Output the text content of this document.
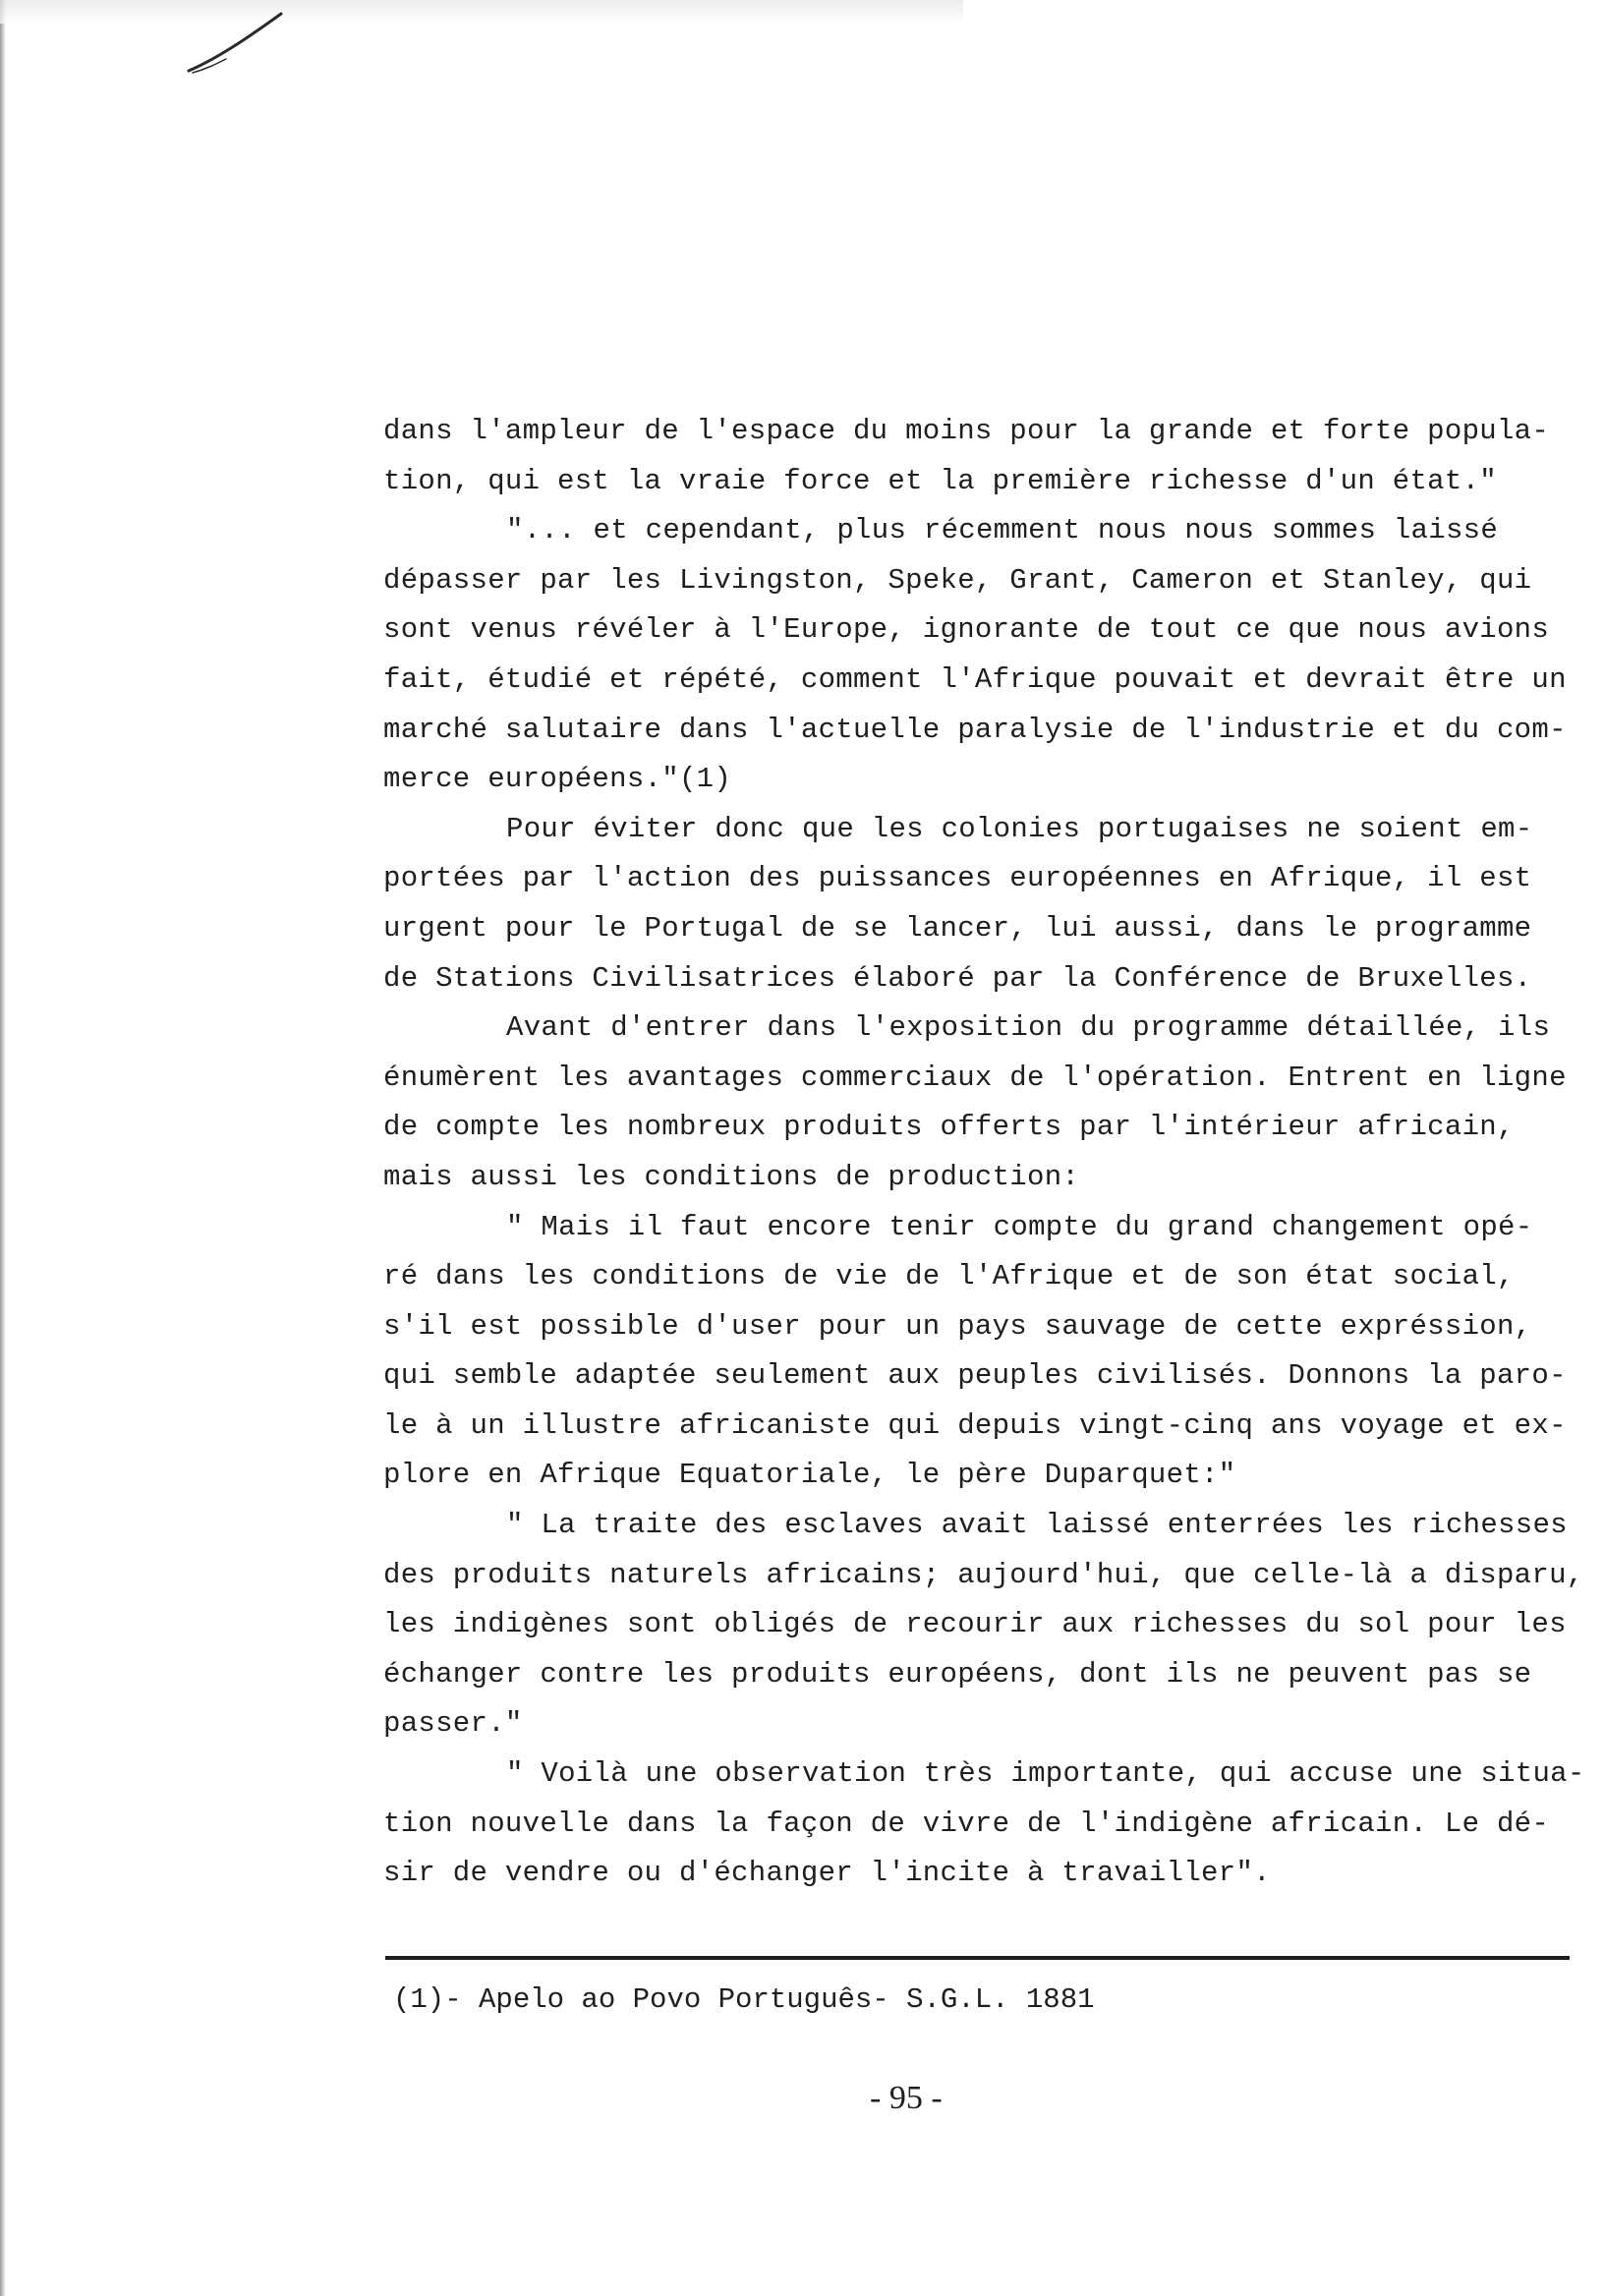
dans l'ampleur de l'espace du moins pour la grande et forte popula-
tion, qui est la vraie force et la première richesse d'un état."
"... et cependant, plus récemment nous nous sommes laissé
dépasser par les Livingston, Speke, Grant, Cameron et Stanley, qui
sont venus révéler à l'Europe, ignorante de tout ce que nous avions
fait, étudié et répété, comment l'Afrique pouvait et devrait être un
marché salutaire dans l'actuelle paralysie de l'industrie et du com-
merce européens."(1)
Pour éviter donc que les colonies portugaises ne soient em-
portées par l'action des puissances européennes en Afrique, il est
urgent pour le Portugal de se lancer, lui aussi, dans le programme
de Stations Civilisatrices élaboré par la Conférence de Bruxelles.
Avant d'entrer dans l'exposition du programme détaillée, ils
énumèrent les avantages commerciaux de l'opération. Entrent en ligne
de compte les nombreux produits offerts par l'intérieur africain,
mais aussi les conditions de production:
" Mais il faut encore tenir compte du grand changement opé-
ré dans les conditions de vie de l'Afrique et de son état social,
s'il est possible d'user pour un pays sauvage de cette expréssion,
qui semble adaptée seulement aux peuples civilisés. Donnons la paro-
le à un illustre africaniste qui depuis vingt-cinq ans voyage et ex-
plore en Afrique Equatoriale, le père Duparquet:"
" La traite des esclaves avait laissé enterrées les richesses
des produits naturels africains; aujourd'hui, que celle-là a disparu,
les indigènes sont obligés de recourir aux richesses du sol pour les
échanger contre les produits européens, dont ils ne peuvent pas se
passer."
" Voilà une observation très importante, qui accuse une situa-
tion nouvelle dans la façon de vivre de l'indigène africain. Le dé-
sir de vendre ou d'échanger l'incite à travailler".
(1)- Apelo ao Povo Português- S.G.L. 1881
- 95 -
